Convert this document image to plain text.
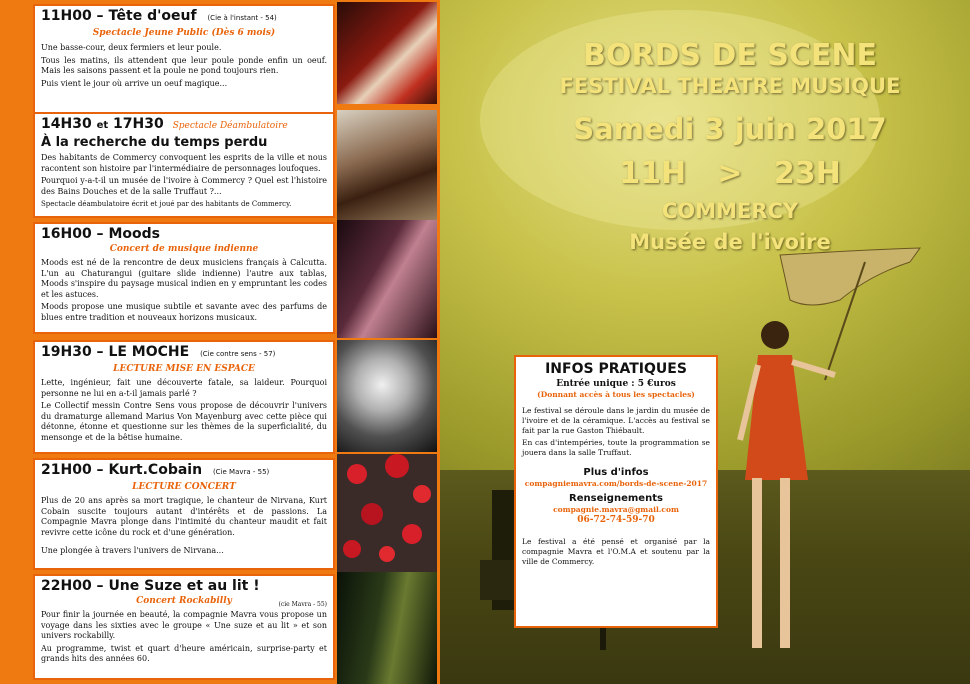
11H00 – Tête d'oeuf (Cie à l'instant - 54)
Spectacle Jeune Public (Dès 6 mois)

Une basse-cour, deux fermiers et leur poule.

Tous les matins, ils attendent que leur poule ponde enfin un oeuf. Mais les saisons passent et la poule ne pond toujours rien.

Puis vient le jour où arrive un oeuf magique...

14H30 et 17H30 Spectacle Déambulatoire
À la recherche du temps perdu

Des habitants de Commercy convoquent les esprits de la ville et nous racontent son histoire par l'intermédiaire de personnages loufoques.

Pourquoi y-a-t-il un musée de l'ivoire à Commercy ? Quel est l'histoire des Bains Douches et de la salle Truffaut ?...

Spectacle déambulatoire écrit et joué par des habitants de Commercy.

16H00 – Moods
Concert de musique indienne

Moods est né de la rencontre de deux musiciens français à Calcutta. L'un au Chaturangui (guitare slide indienne) l'autre aux tablas, Moods s'inspire du paysage musical indien en y empruntant les codes et les astuces.

Moods propose une musique subtile et savante avec des parfums de blues entre tradition et nouveaux horizons musicaux.

19H30 – LE MOCHE (Cie contre sens - 57)
LECTURE MISE EN ESPACE

Lette, ingénieur, fait une découverte fatale, sa laideur. Pourquoi personne ne lui en a-t-il jamais parlé ?

Le Collectif messin Contre Sens vous propose de découvrir l'univers du dramaturge allemand Marius Von Mayenburg avec cette pièce qui détonne, étonne et questionne sur les thèmes de la superficialité, du mensonge et de la bêtise humaine.

21H00 – Kurt.Cobain (Cie Mavra - 55)
LECTURE CONCERT

Plus de 20 ans après sa mort tragique, le chanteur de Nirvana, Kurt Cobain suscite toujours autant d'intérêts et de passions. La Compagnie Mavra plonge dans l'intimité du chanteur maudit et fait revivre cette icône du rock et d'une génération.

Une plongée à travers l'univers de Nirvana...

22H00 – Une Suze et au lit !
Concert Rockabilly	(cie Mavra - 55)

Pour finir la journée en beauté, la compagnie Mavra vous propose un voyage dans les sixties avec le groupe « Une suze et au lit » et son univers rockabilly.

Au programme, twist et quart d'heure américain, surprise-party et grands hits des années 60.

BORDS DE SCENE
FESTIVAL THEATRE MUSIQUE
Samedi 3 juin 2017
11H   >   23H
COMMERCY
Musée de l'ivoire
INFOS PRATIQUES
Entrée unique : 5 €uros
(Donnant accès à tous les spectacles)
Le festival se déroule dans le jardin du musée de l'ivoire et de la céramique. L'accès au festival se fait par la rue Gaston Thiébault.
En cas d'intempéries, toute la programmation se jouera dans la salle Truffaut.
Plus d'infos
compagniemavra.com/bords-de-scene-2017
Renseignements
compagnie.mavra@gmail.com
06-72-74-59-70
Le festival a été pensé et organisé par la compagnie Mavra et l'O.M.A et soutenu par la ville de Commercy.
